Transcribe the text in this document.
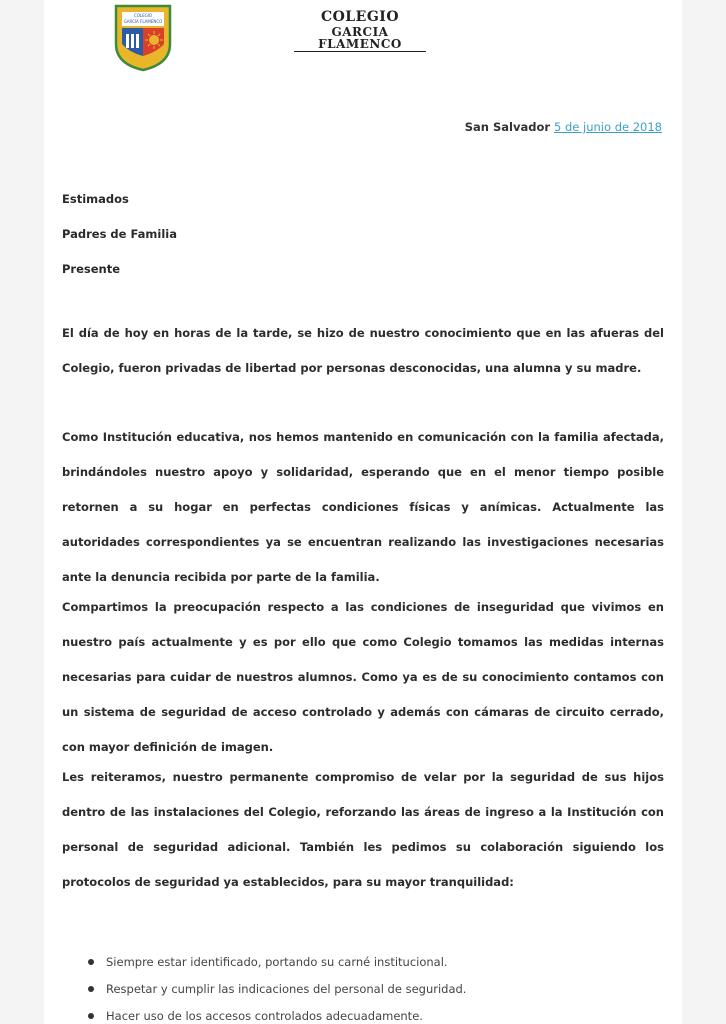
COLEGIO
GARCIA FLAMENCO	COLEGIO
GARCIA FLAMENCO
San Salvador 5 de junio de 2018
Estimados
Padres de Familia
Presente
El día de hoy en horas de la tarde, se hizo de nuestro conocimiento que en las afueras del Colegio, fueron privadas de libertad por personas desconocidas, una alumna y su madre.
Como Institución educativa, nos hemos mantenido en comunicación con la familia afectada, brindándoles nuestro apoyo y solidaridad, esperando que en el menor tiempo posible retornen a su hogar en perfectas condiciones físicas y anímicas. Actualmente las autoridades correspondientes ya se encuentran realizando las investigaciones necesarias ante la denuncia recibida por parte de la familia.
Compartimos la preocupación respecto a las condiciones de inseguridad que vivimos en nuestro país actualmente y es por ello que como Colegio tomamos las medidas internas necesarias para cuidar de nuestros alumnos. Como ya es de su conocimiento contamos con un sistema de seguridad de acceso controlado y además con cámaras de circuito cerrado, con mayor definición de imagen.
Les reiteramos, nuestro permanente compromiso de velar por la seguridad de sus hijos dentro de las instalaciones del Colegio, reforzando las áreas de ingreso a la Institución con personal de seguridad adicional. También les pedimos su colaboración siguiendo los protocolos de seguridad ya establecidos, para su mayor tranquilidad:
Siempre estar identificado, portando su carné institucional.
Respetar y cumplir las indicaciones del personal de seguridad.
Hacer uso de los accesos controlados adecuadamente.
